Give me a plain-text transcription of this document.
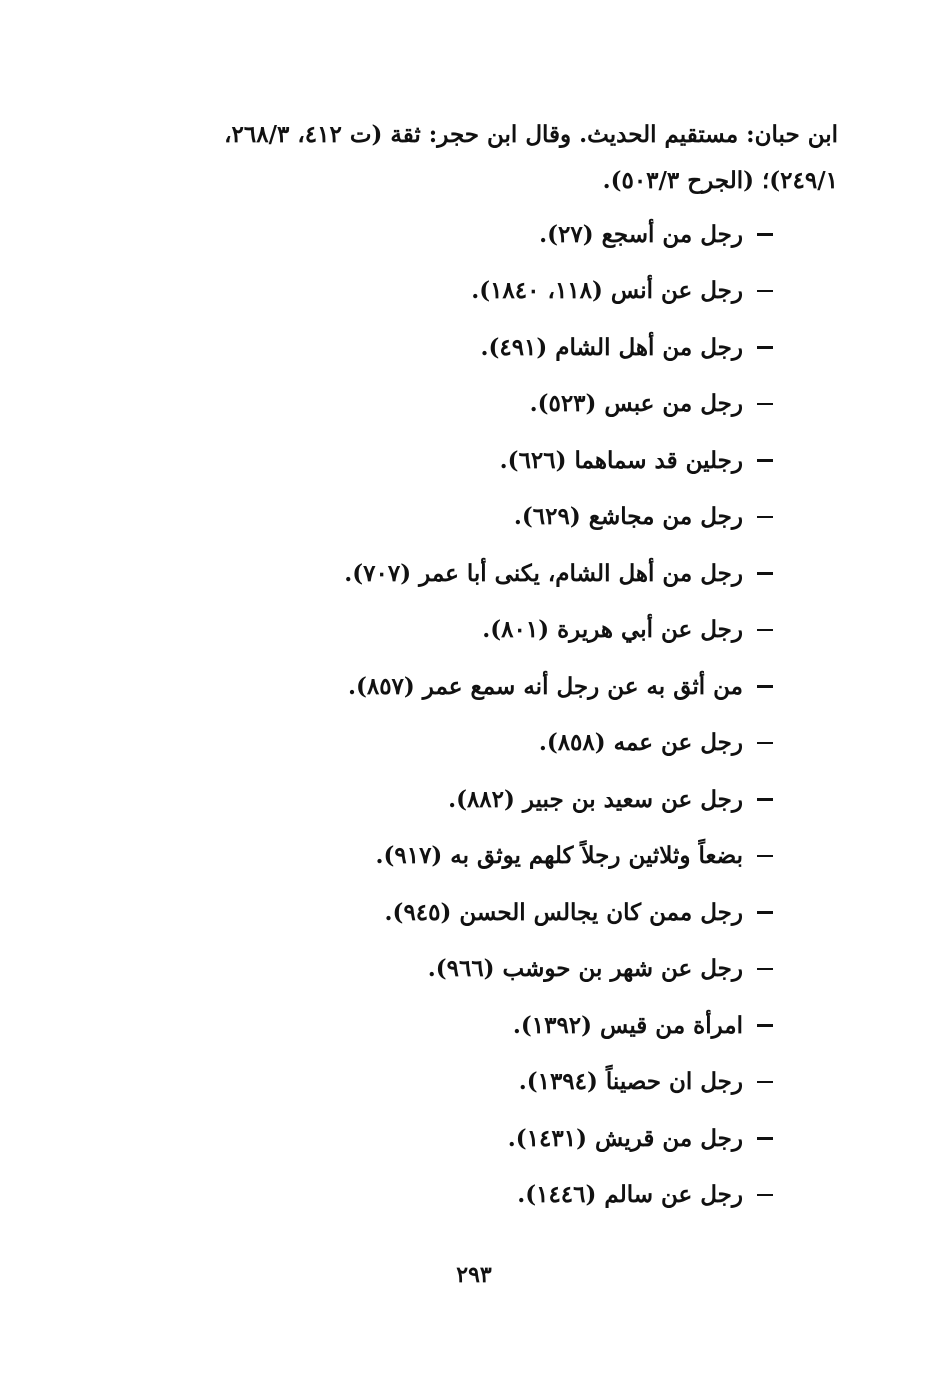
ابن حبان: مستقيم الحديث. وقال ابن حجر: ثقة (ت ٤١٢، ٢٦٨/٣،
٢٤٩/١)؛ (الجرح ٥٠٣/٣).
رجل من أسجع (٢٧).
رجل عن أنس (١١٨، ١٨٤٠).
رجل من أهل الشام (٤٩١).
رجل من عبس (٥٢٣).
رجلين قد سماهما (٦٢٦).
رجل من مجاشع (٦٢٩).
رجل من أهل الشام، يكنى أبا عمر (٧٠٧).
رجل عن أبي هريرة (٨٠١).
من أثق به عن رجل أنه سمع عمر (٨٥٧).
رجل عن عمه (٨٥٨).
رجل عن سعيد بن جبير (٨٨٢).
بضعاً وثلاثين رجلاً كلهم يوثق به (٩١٧).
رجل ممن كان يجالس الحسن (٩٤٥).
رجل عن شهر بن حوشب (٩٦٦).
امرأة من قيس (١٣٩٢).
رجل ان حصيناً (١٣٩٤).
رجل من قريش (١٤٣١).
رجل عن سالم (١٤٤٦).
٢٩٣
